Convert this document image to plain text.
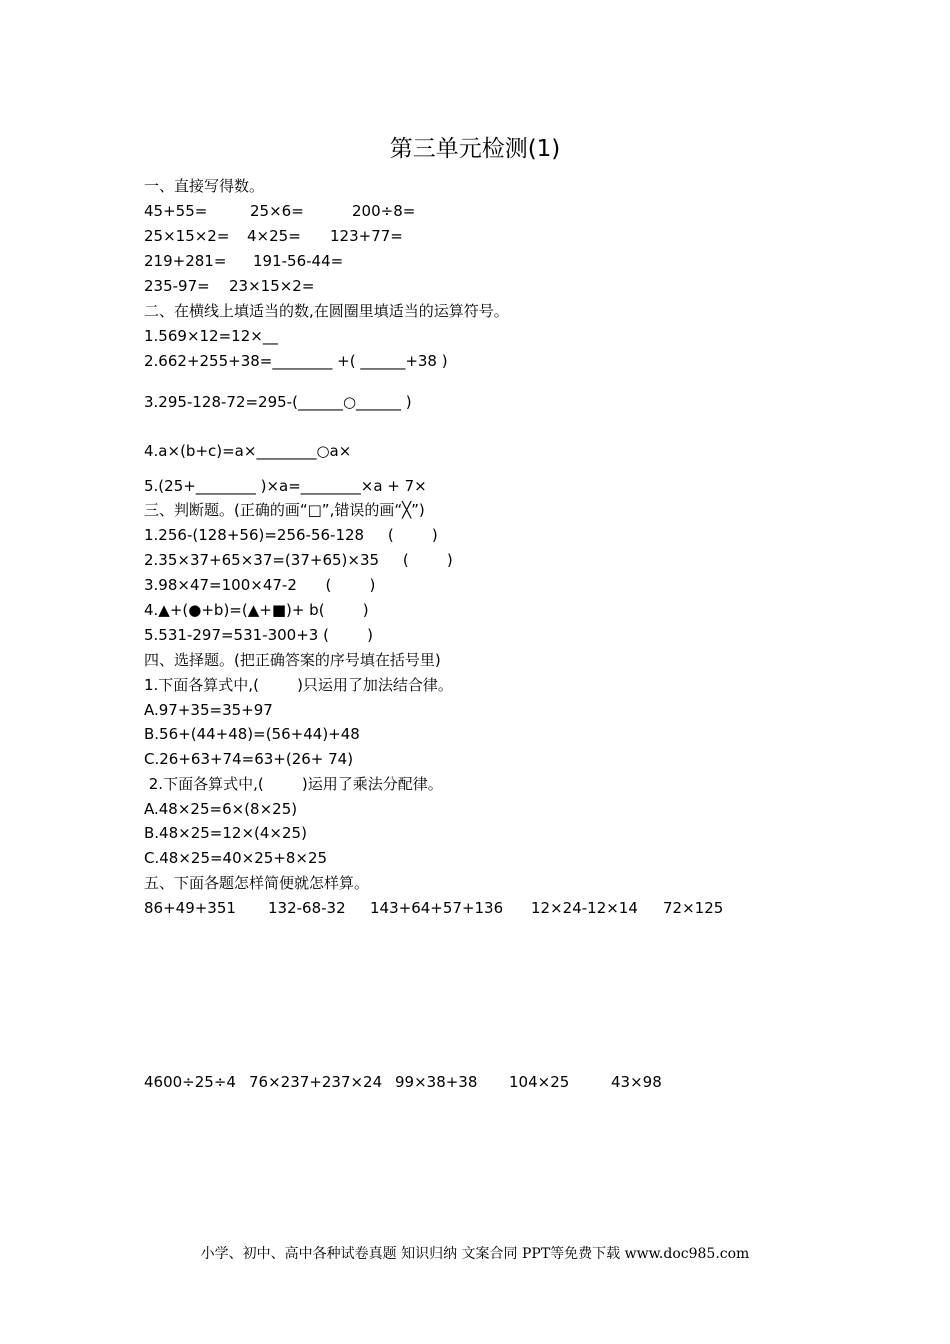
第三单元检测(1)
一、直接写得数。
45+55=	25×6=	200÷8=
25×15×2= 4×25= 123+77=
219+281= 191-56-44=
235-97= 23×15×2=
二、在横线上填适当的数,在圆圈里填适当的运算符号。
1.569×12=12×__
2.662+255+38=________ +( ______+38 )
3.295-128-72=295-(______○______ )
4.a×(b+c)=a×________○a×
5.(25+________ )×a=________×a + 7×
三、判断题。(正确的画“□”,错误的画“╳”)
1.256-(128+56)=256-56-128     (        )
2.35×37+65×37=(37+65)×35     (        )
3.98×47=100×47-2      (        )
4.▲+(●+b)=(▲+■)+ b(        )
5.531-297=531-300+3 (        )
四、选择题。(把正确答案的序号填在括号里)
1.下面各算式中,(        )只运用了加法结合律。
A.97+35=35+97
B.56+(44+48)=(56+44)+48
C.26+63+74=63+(26+ 74)
2.下面各算式中,(        )运用了乘法分配律。
A.48×25=6×(8×25)
B.48×25=12×(4×25)
C.48×25=40×25+8×25
五、下面各题怎样简便就怎样算。
86+49+351 132-68-32 143+64+57+136 12×24-12×14 72×125
4600÷25÷4 76×237+237×24 99×38+38 104×25	43×98
小学、初中、高中各种试卷真题 知识归纳 文案合同 PPT等免费下载 www.doc985.com
